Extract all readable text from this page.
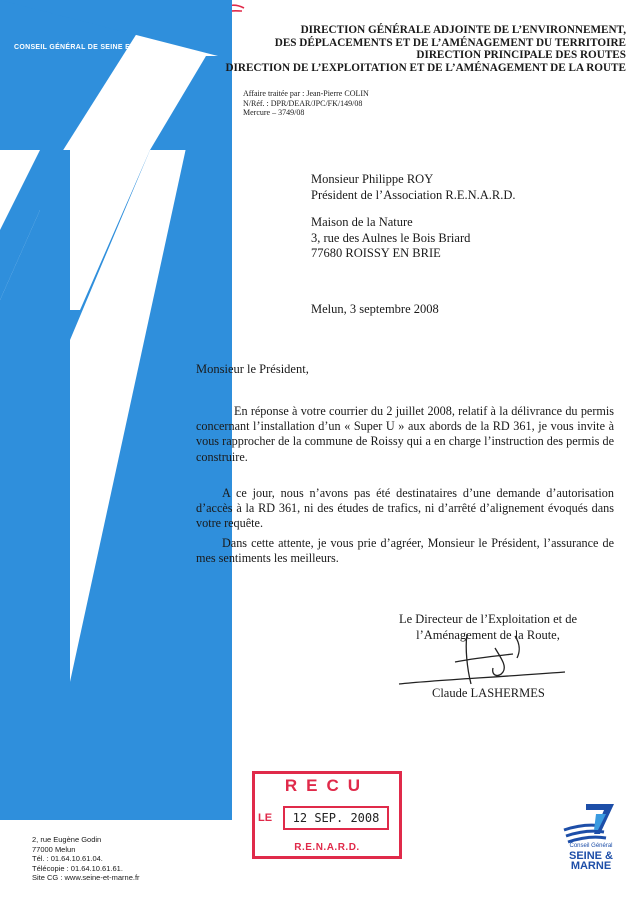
CONSEIL GÉNÉRAL DE SEINE ET MARNE
DIRECTION GÉNÉRALE ADJOINTE DE L’ENVIRONNEMENT,
DES DÉPLACEMENTS ET DE L’AMÉNAGEMENT DU TERRITOIRE
DIRECTION PRINCIPALE DES ROUTES
DIRECTION DE L’EXPLOITATION ET DE L’AMÉNAGEMENT DE LA ROUTE
Affaire traitée par : Jean-Pierre COLIN
N/Réf. : DPR/DEAR/JPC/FK/149/08
Mercure – 3749/08
Monsieur Philippe ROY
Président de l’Association R.E.N.A.R.D.
Maison de la Nature
3, rue des Aulnes le Bois Briard
77680 ROISSY EN BRIE
Melun, 3 septembre 2008
Monsieur le Président,

En réponse à votre courrier du 2 juillet 2008, relatif à la délivrance du permis concernant l’installation d’un « Super U » aux abords de la RD 361, je vous invite à vous rapprocher de la commune de Roissy qui a en charge l’instruction des permis de construire.

A ce jour, nous n’avons pas été destinataires d’une demande d’autorisation d’accès à la RD 361, ni des études de trafics, ni d’arrêté d’alignement évoqués dans votre requête.

Dans cette attente, je vous prie d’agréer, Monsieur le Président, l’assurance de mes sentiments les meilleurs.

Le Directeur de l’Exploitation et de
l’Aménagement de la Route,
Claude LASHERMES
RECU
LE	12 SEP. 2008
R.E.N.A.R.D.
2, rue Eugène Godin
77000 Melun
Tél. : 01.64.10.61.04.
Télécopie : 01.64.10.61.61.
Site CG : www.seine-et-marne.fr
Conseil Général
SEINE &
MARNE
